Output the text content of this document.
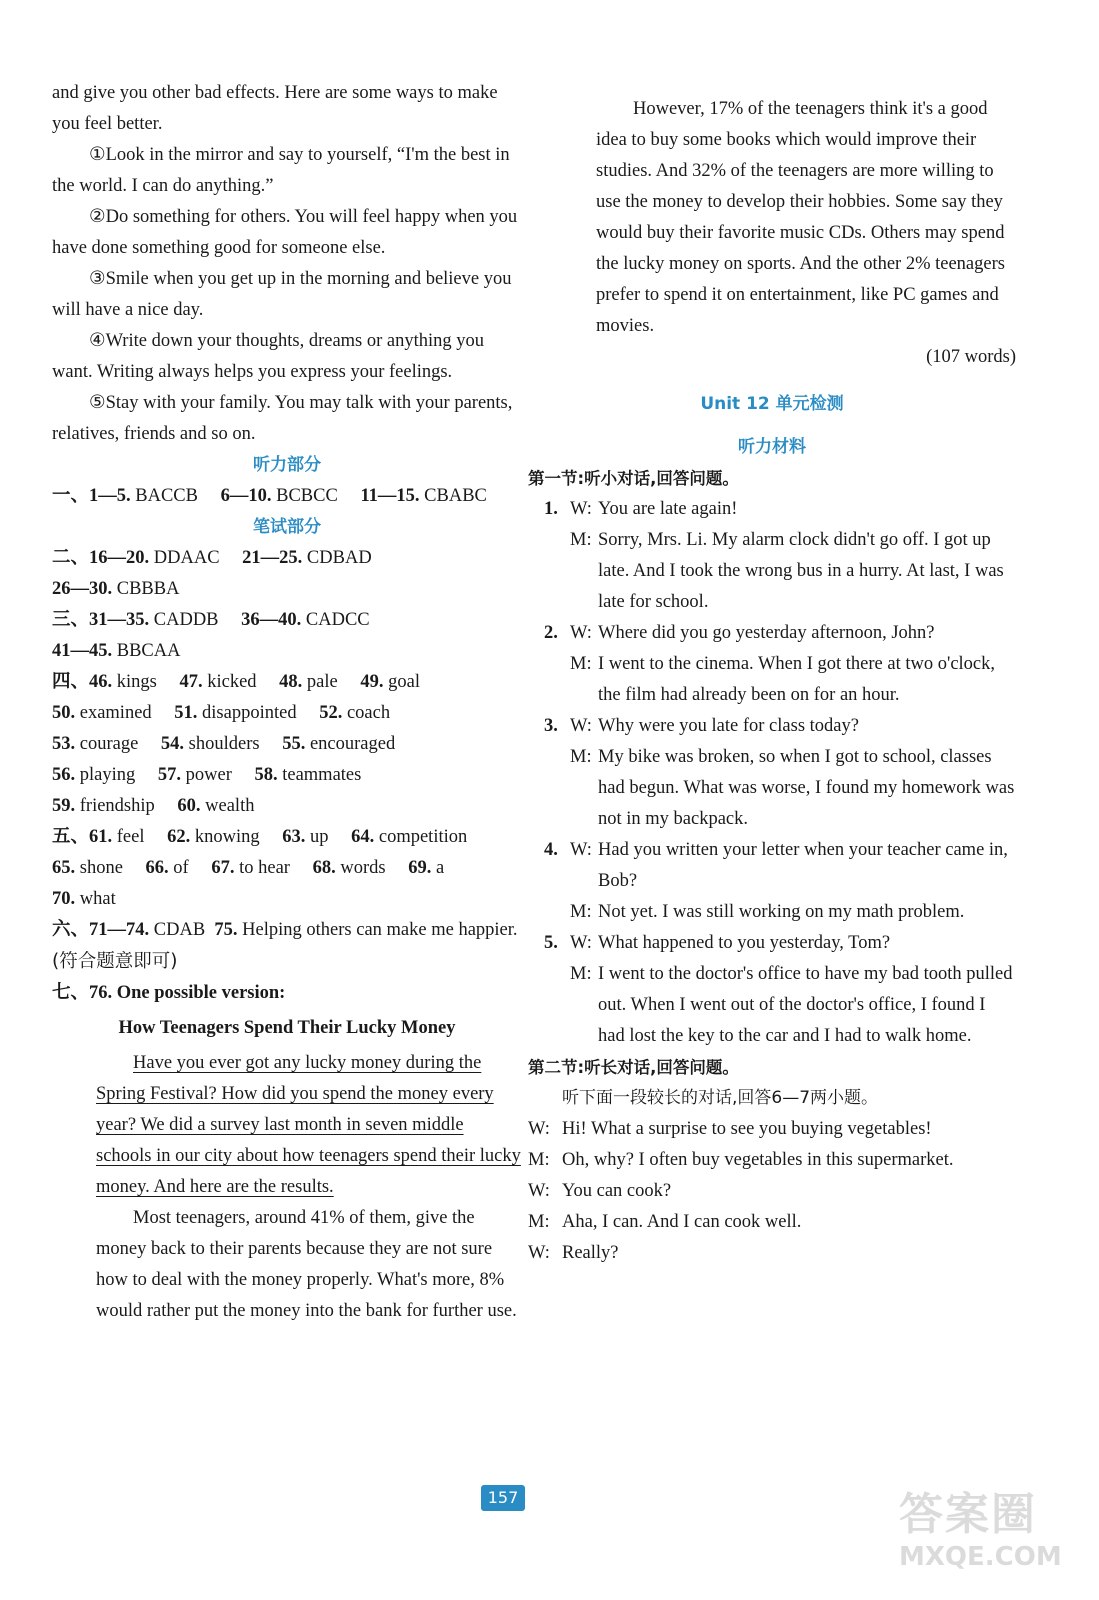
and give you other bad effects. Here are some ways to make you feel better.

①Look in the mirror and say to yourself, “I'm the best in the world. I can do anything.”

②Do something for others. You will feel happy when you have done something good for someone else.

③Smile when you get up in the morning and believe you will have a nice day.

④Write down your thoughts, dreams or anything you want. Writing always helps you express your feelings.

⑤Stay with your family. You may talk with your parents, relatives, friends and so on.

听力部分

一、1—5. BACCB 6—10. BCBCC 11—15. CBABC

笔试部分

二、16—20. DDAAC 21—25. CDBAD

26—30. CBBBA

三、31—35. CADDB 36—40. CADCC

41—45. BBCAA

四、46. kings 47. kicked 48. pale 49. goal

50. examined 51. disappointed 52. coach

53. courage 54. shoulders 55. encouraged

56. playing 57. power 58. teammates

59. friendship 60. wealth

五、61. feel 62. knowing 63. up 64. competition

65. shone 66. of 67. to hear 68. words 69. a

70. what

六、71—74. CDAB 75. Helping others can make me happier.(符合题意即可)

七、76. One possible version:

How Teenagers Spend Their Lucky Money

Have you ever got any lucky money during the Spring Festival? How did you spend the money every year? We did a survey last month in seven middle schools in our city about how teenagers spend their lucky money. And here are the results.

Most teenagers, around 41% of them, give the money back to their parents because they are not sure how to deal with the money properly. What's more, 8% would rather put the money into the bank for further use.

However, 17% of the teenagers think it's a good idea to buy some books which would improve their studies. And 32% of the teenagers are more willing to use the money to develop their hobbies. Some say they would buy their favorite music CDs. Others may spend the lucky money on sports. And the other 2% teenagers prefer to spend it on entertainment, like PC games and movies.

(107 words)

Unit 12 单元检测

听力材料

第一节:听小对话,回答问题。

1. W: You are late again!
M: Sorry, Mrs. Li. My alarm clock didn't go off. I got up late. And I took the wrong bus in a hurry. At last, I was late for school.
2. W: Where did you go yesterday afternoon, John?
M: I went to the cinema. When I got there at two o'clock, the film had already been on for an hour.
3. W: Why were you late for class today?
M: My bike was broken, so when I got to school, classes had begun. What was worse, I found my homework was not in my backpack.
4. W: Had you written your letter when your teacher came in, Bob?
M: Not yet. I was still working on my math problem.
5. W: What happened to you yesterday, Tom?
M: I went to the doctor's office to have my bad tooth pulled out. When I went out of the doctor's office, I found I had lost the key to the car and I had to walk home.

第二节:听长对话,回答问题。

听下面一段较长的对话,回答6—7两小题。

W: Hi! What a surprise to see you buying vegetables!
M: Oh, why? I often buy vegetables in this supermarket.
W: You can cook?
M: Aha, I can. And I can cook well.
W: Really?
157	答案圈
MXQE.COM
